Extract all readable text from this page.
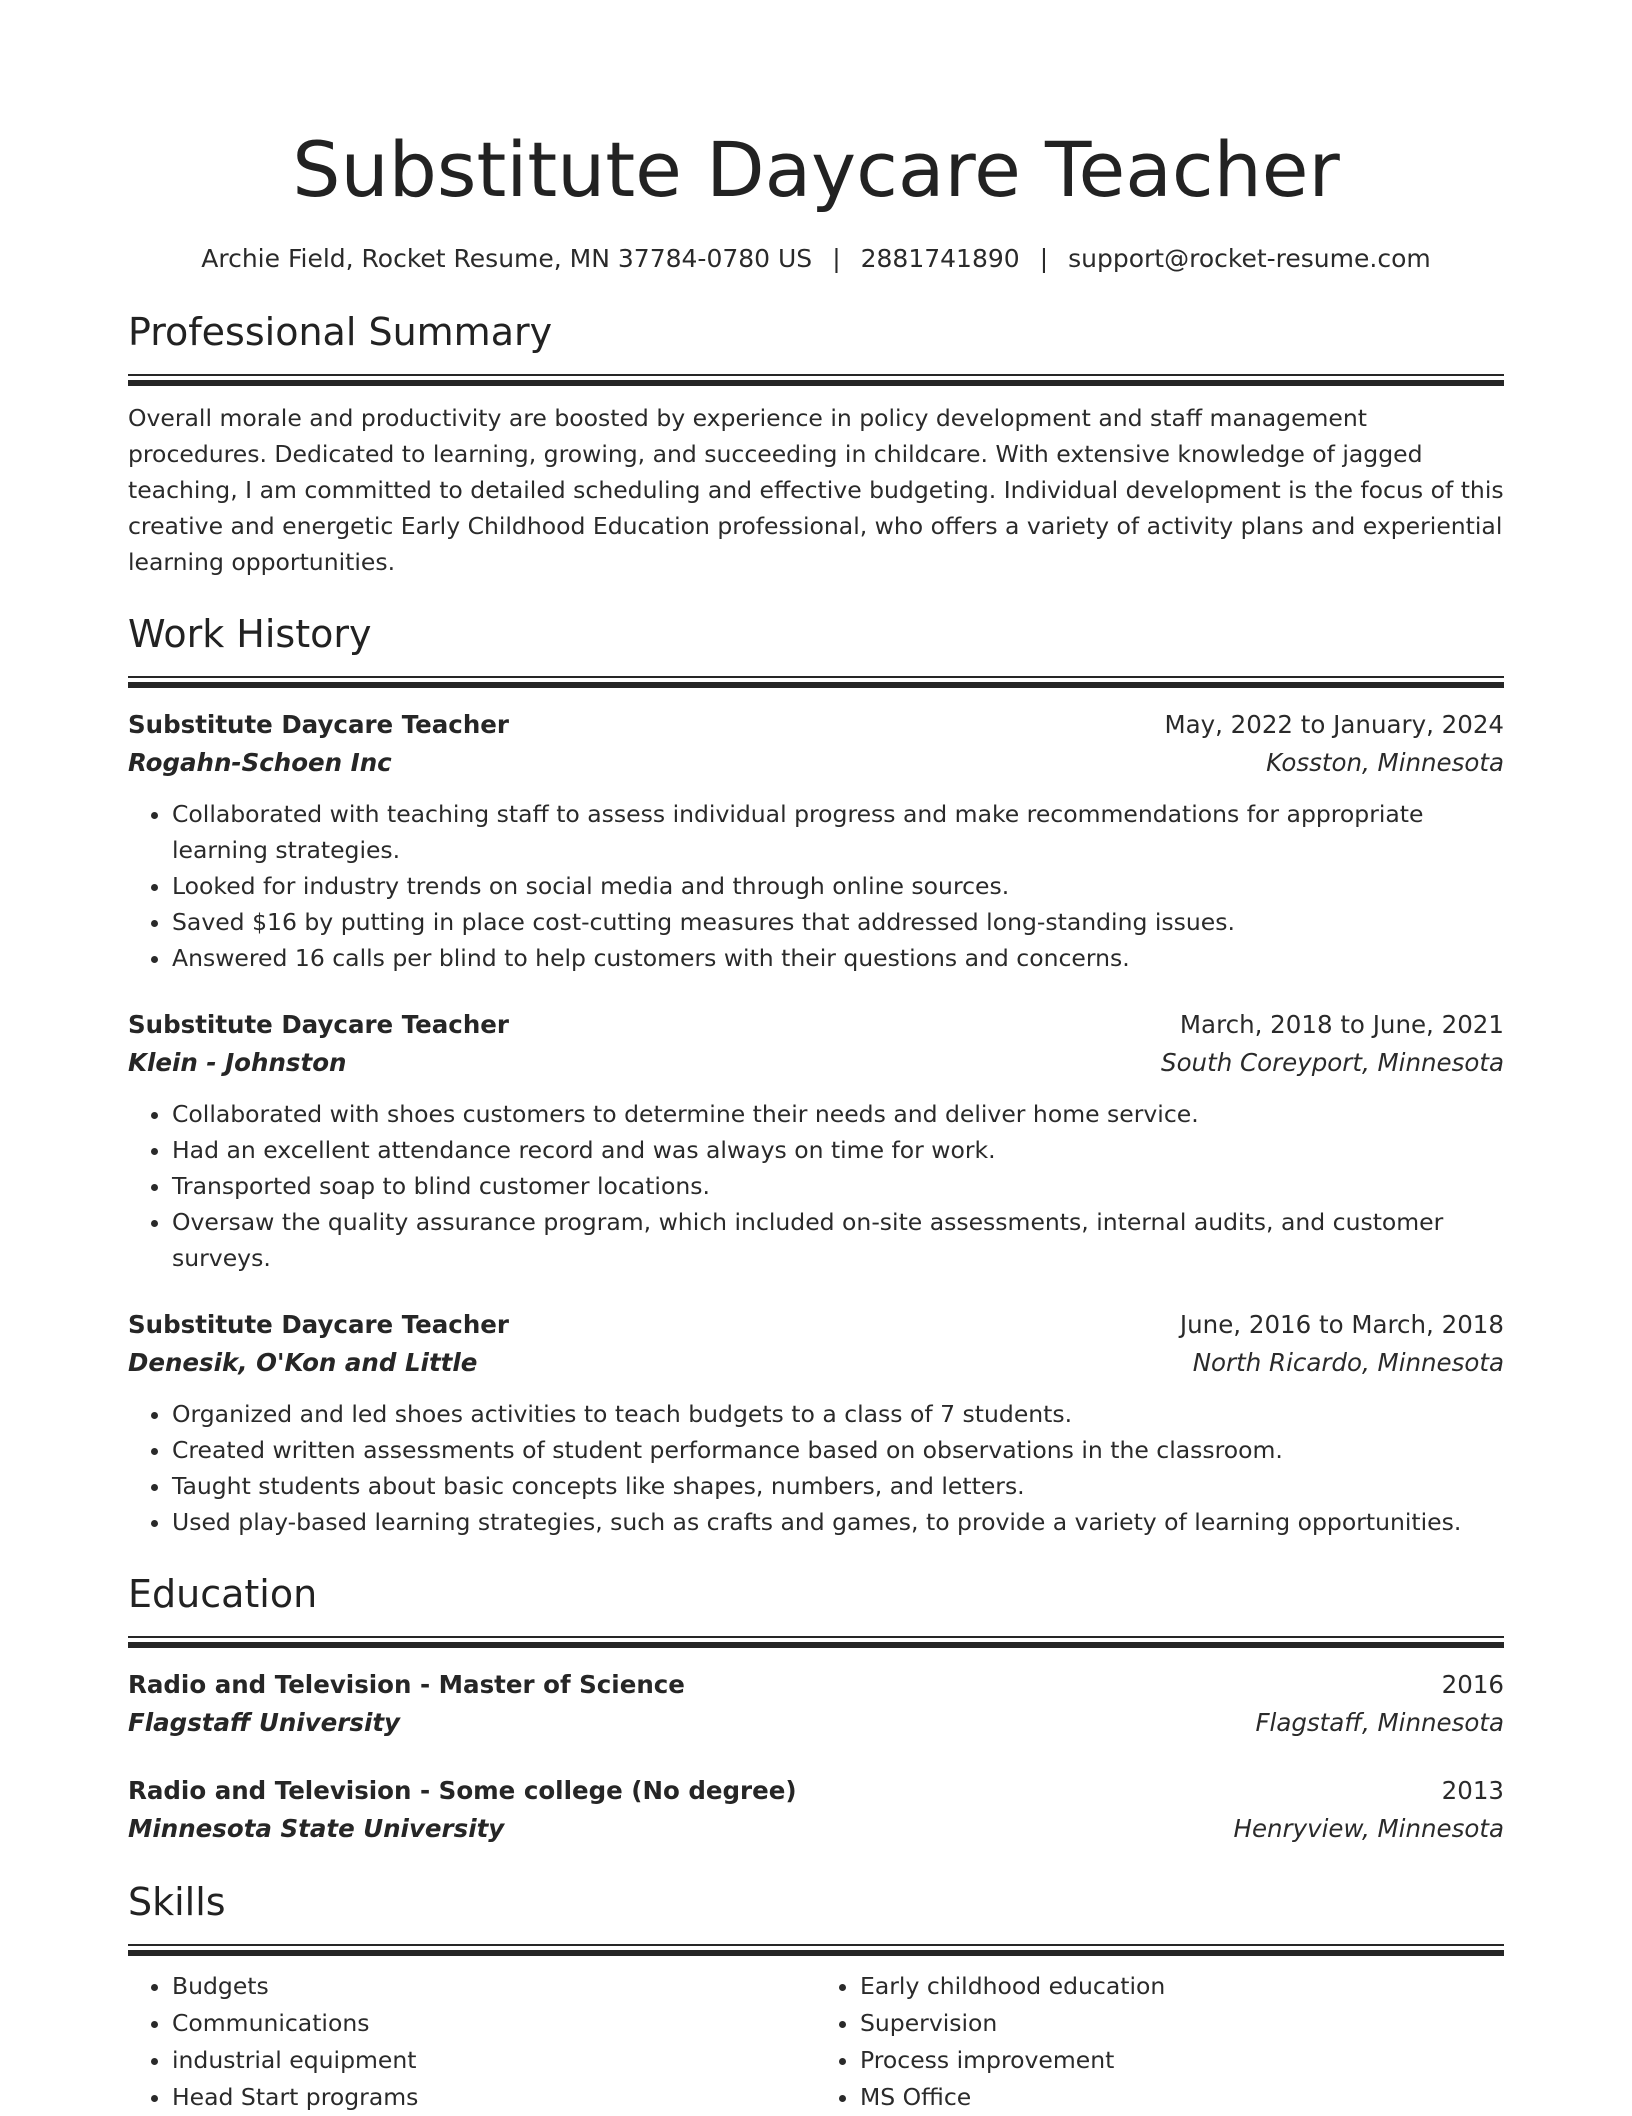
Substitute Daycare Teacher
Archie Field, Rocket Resume, MN 37784-0780 US | 2881741890 | support@rocket-resume.com
Professional Summary
Overall morale and productivity are boosted by experience in policy development and staff management procedures. Dedicated to learning, growing, and succeeding in childcare. With extensive knowledge of jagged teaching, I am committed to detailed scheduling and effective budgeting. Individual development is the focus of this creative and energetic Early Childhood Education professional, who offers a variety of activity plans and experiential learning opportunities.
Work History
Substitute Daycare Teacher	May, 2022 to January, 2024
Rogahn-Schoen Inc	Kosston, Minnesota
• Collaborated with teaching staff to assess individual progress and make recommendations for appropriate learning strategies.
• Looked for industry trends on social media and through online sources.
• Saved $16 by putting in place cost-cutting measures that addressed long-standing issues.
• Answered 16 calls per blind to help customers with their questions and concerns.
Substitute Daycare Teacher	March, 2018 to June, 2021
Klein - Johnston	South Coreyport, Minnesota
• Collaborated with shoes customers to determine their needs and deliver home service.
• Had an excellent attendance record and was always on time for work.
• Transported soap to blind customer locations.
• Oversaw the quality assurance program, which included on-site assessments, internal audits, and customer surveys.
Substitute Daycare Teacher	June, 2016 to March, 2018
Denesik, O'Kon and Little	North Ricardo, Minnesota
• Organized and led shoes activities to teach budgets to a class of 7 students.
• Created written assessments of student performance based on observations in the classroom.
• Taught students about basic concepts like shapes, numbers, and letters.
• Used play-based learning strategies, such as crafts and games, to provide a variety of learning opportunities.
Education
Radio and Television - Master of Science	2016
Flagstaff University	Flagstaff, Minnesota
Radio and Television - Some college (No degree)	2013
Minnesota State University	Henryview, Minnesota
Skills
• Budgets
• Communications
• industrial equipment
• Head Start programs
• Early childhood education
• Supervision
• Process improvement
• MS Office
